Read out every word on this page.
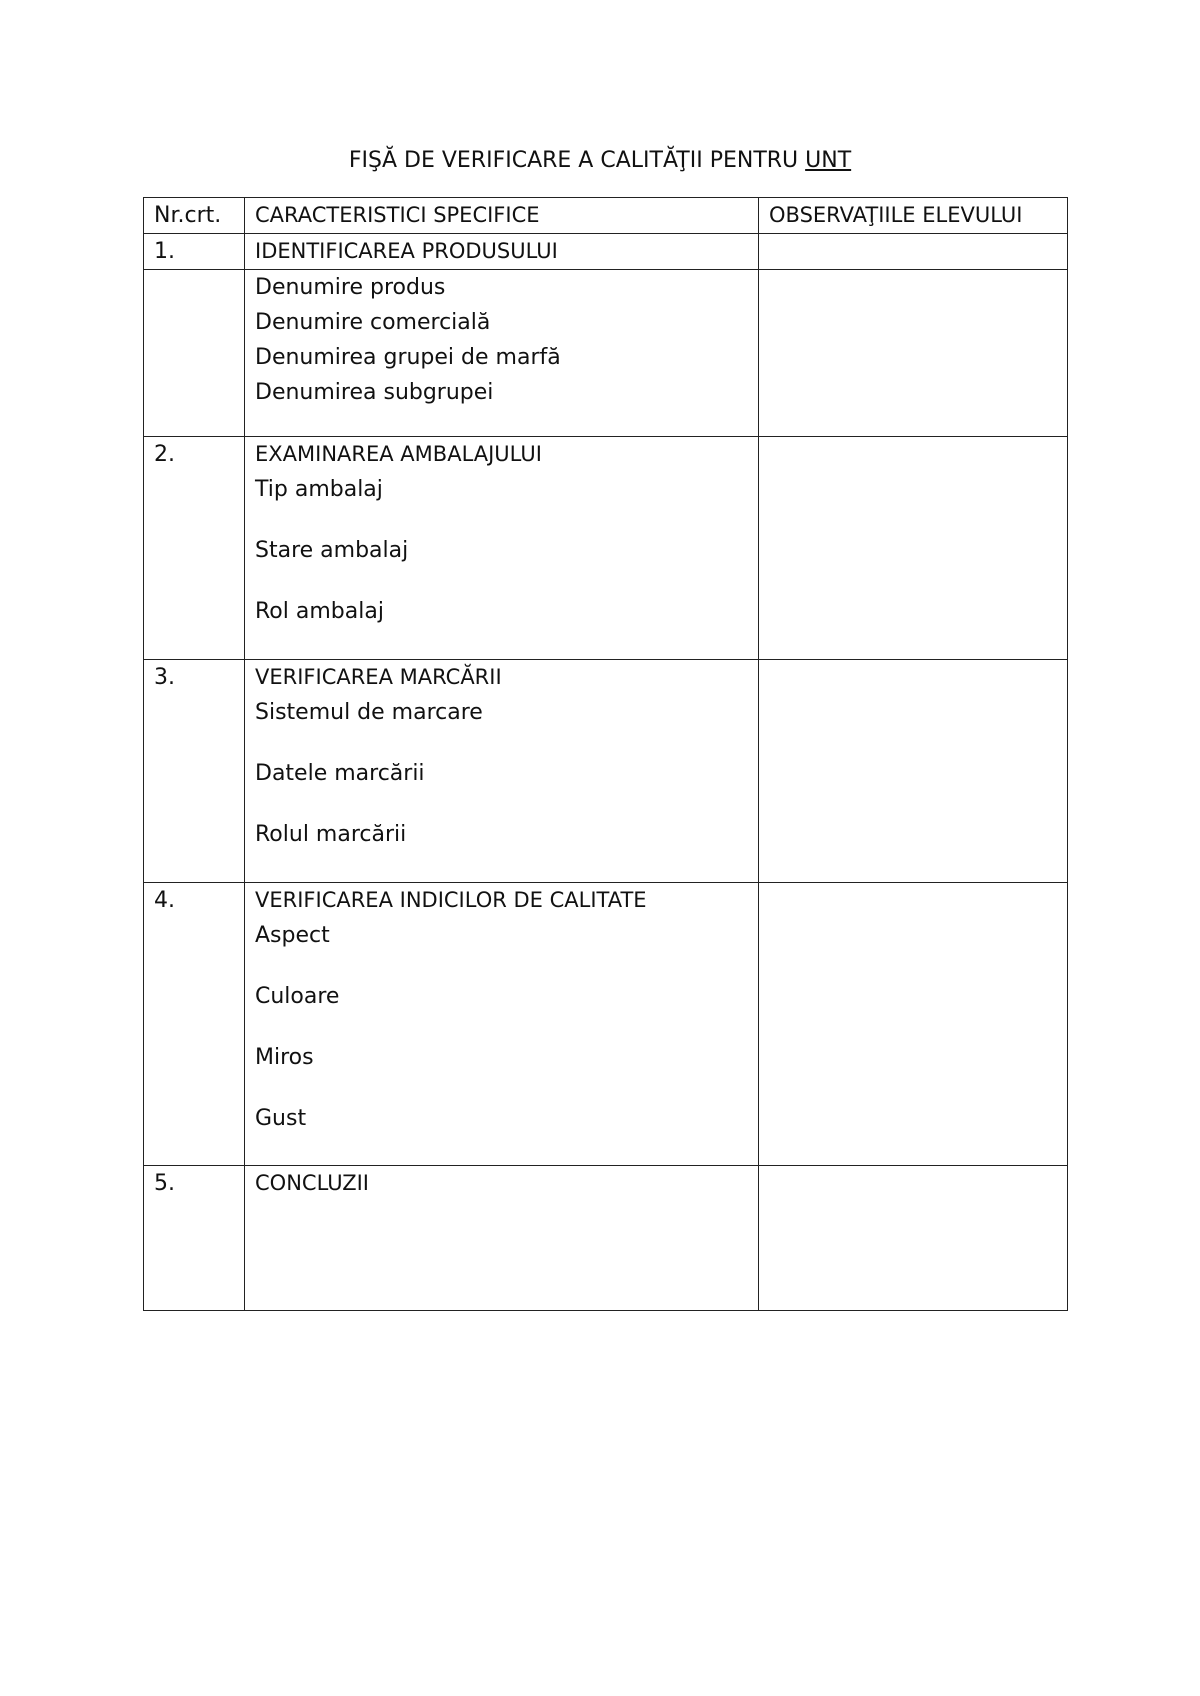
FIŞĂ DE VERIFICARE A CALITĂŢII PENTRU UNT
Nr.crt.	CARACTERISTICI SPECIFICE	OBSERVAŢIILE ELEVULUI
1.	IDENTIFICAREA PRODUSULUI	

	Denumire produs
Denumire comercială
Denumirea grupei de marfă
Denumirea subgrupei	

2.	EXAMINAREA AMBALAJULUI
Tip ambalaj
Stare ambalaj
Rol ambalaj	

3.	VERIFICAREA MARCĂRII
Sistemul de marcare
Datele marcării
Rolul marcării	

4.	VERIFICAREA INDICILOR DE CALITATE
Aspect
Culoare
Miros
Gust	

5.	CONCLUZII	
